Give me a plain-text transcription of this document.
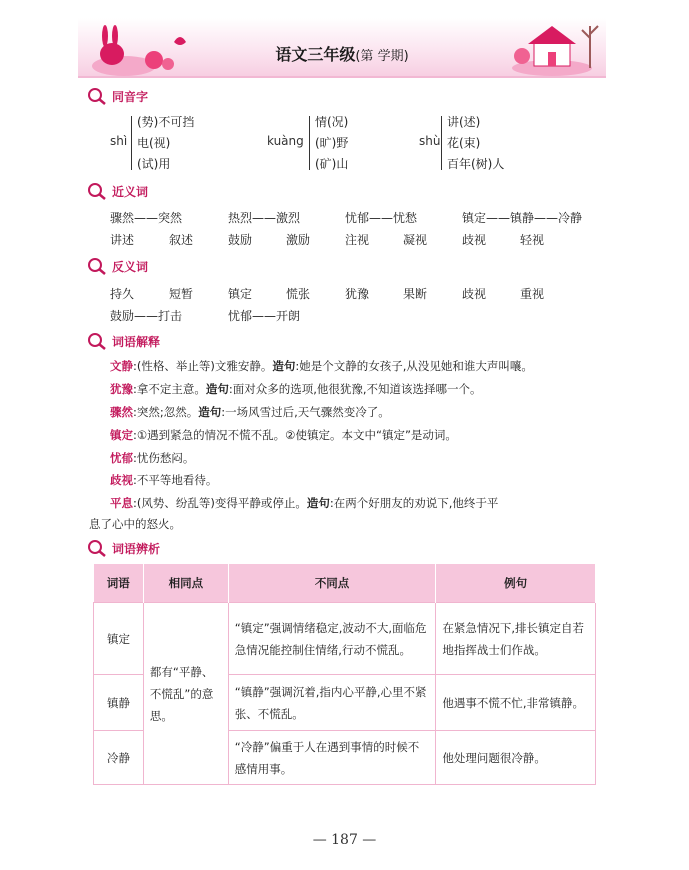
语文三年级(第 学期)
同音字
shì
(势)不可挡
电(视)
(试)用
kuàng
情(况)
(旷)野
(矿)山
shù
讲(述)
花(束)
百年(树)人
近义词
骤然——突然	热烈——激烈	忧郁——忧愁	镇定——镇静——冷静
讲述	叙述	鼓励	激励	注视	凝视	歧视	轻视
反义词
持久	短暂	镇定	慌张	犹豫	果断	歧视	重视
鼓励——打击	忧郁——开朗
词语解释
文静:(性格、举止等)文雅安静。造句:她是个文静的女孩子,从没见她和谁大声叫嚷。
犹豫:拿不定主意。造句:面对众多的选项,他很犹豫,不知道该选择哪一个。
骤然:突然;忽然。造句:一场风雪过后,天气骤然变冷了。
镇定:①遇到紧急的情况不慌不乱。②使镇定。本文中“镇定”是动词。
忧郁:忧伤愁闷。
歧视:不平等地看待。
平息:(风势、纷乱等)变得平静或停止。造句:在两个好朋友的劝说下,他终于平
息了心中的怒火。
词语辨析
词语	相同点	不同点	例句
镇定	都有“平静、不慌乱”的意思。	“镇定”强调情绪稳定,波动不大,面临危急情况能控制住情绪,行动不慌乱。	在紧急情况下,排长镇定自若地指挥战士们作战。
镇静		“镇静”强调沉着,指内心平静,心里不紧张、不慌乱。	他遇事不慌不忙,非常镇静。
冷静		“冷静”偏重于人在遇到事情的时候不感情用事。	他处理问题很冷静。
— 187 —
